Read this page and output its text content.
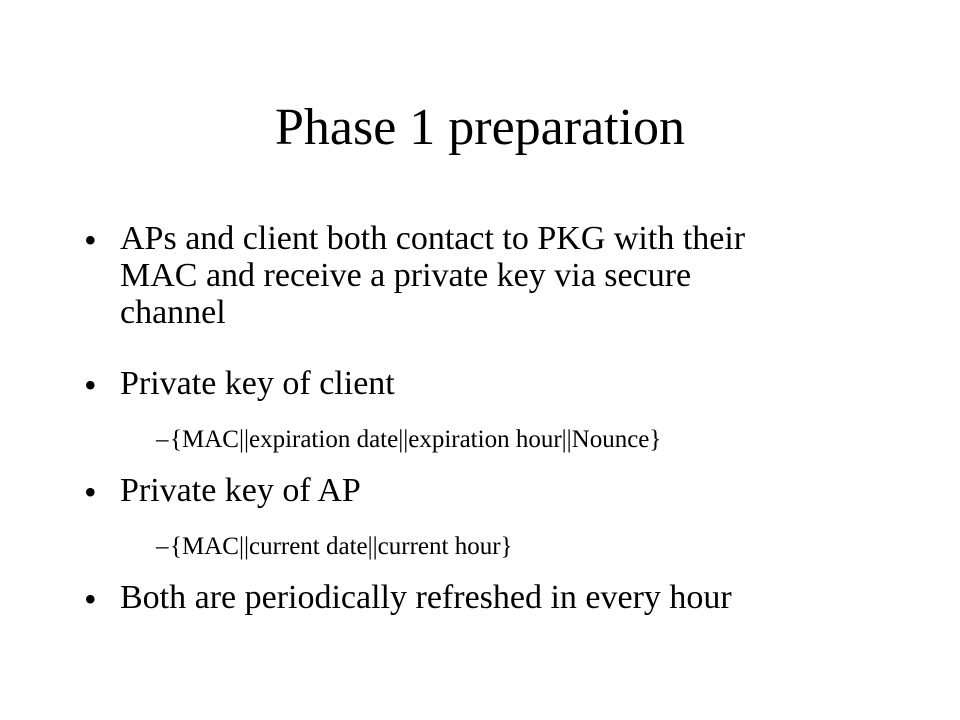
Phase 1 preparation
• APs and client both contact to PKG with their
MAC and receive a private key via secure
channel
• Private key of client
– {MAC||expiration date||expiration hour||Nounce}
• Private key of AP
– {MAC||current date||current hour}
• Both are periodically refreshed in every hour
